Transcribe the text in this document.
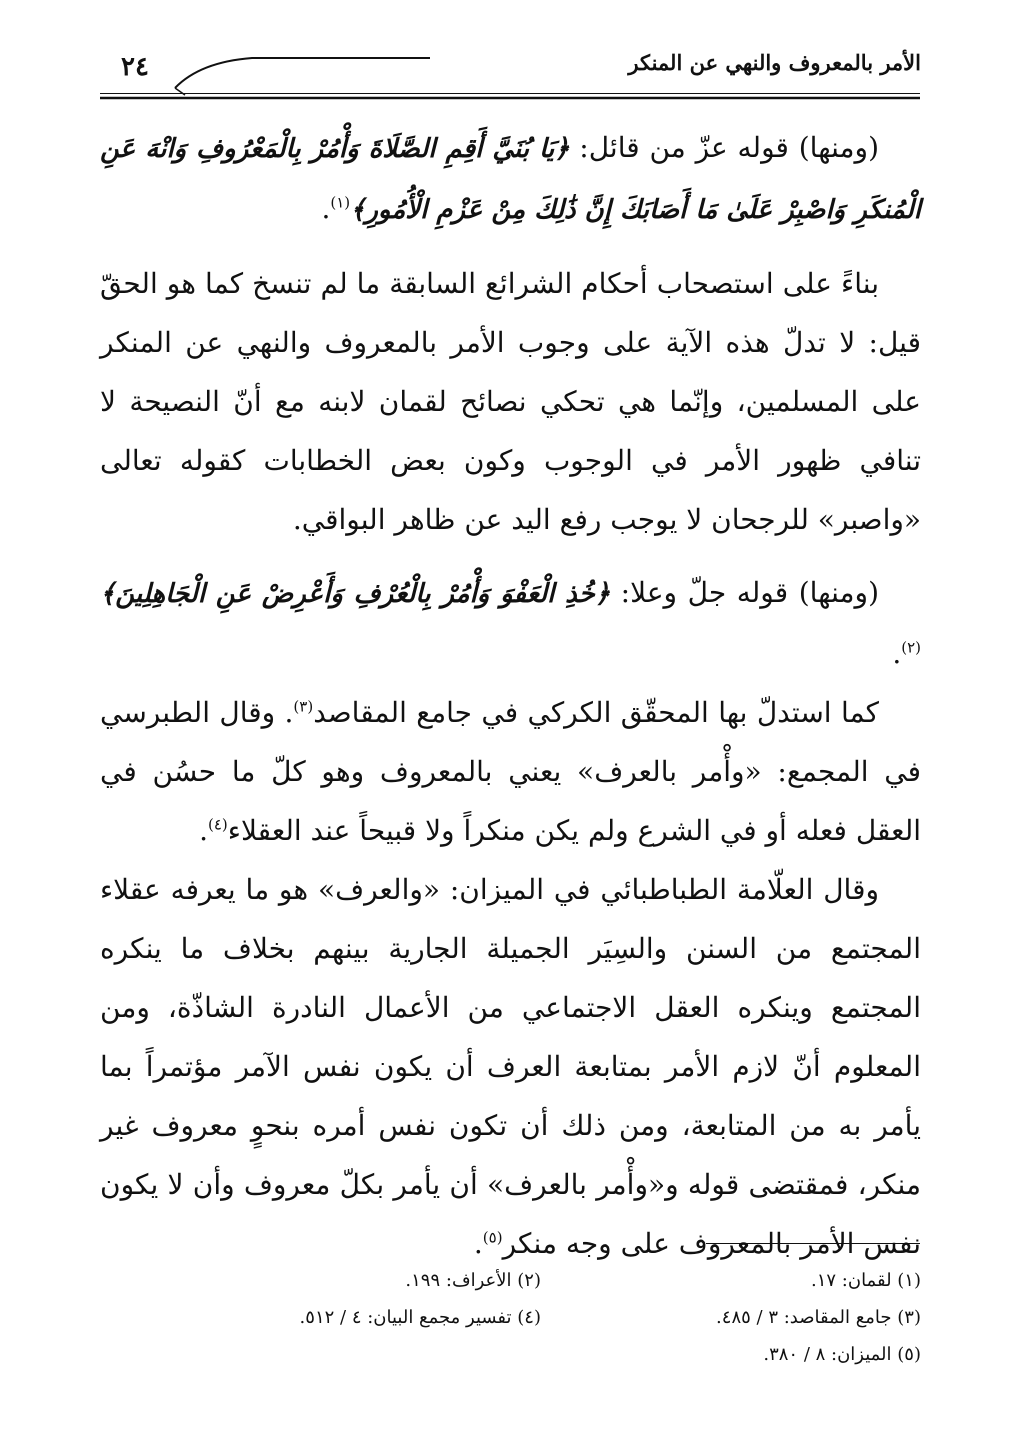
الأمر بالمعروف والنهي عن المنكر
٢٤

(ومنها) قوله عزّ من قائل: ﴿يَا بُنَيَّ أَقِمِ الصَّلَاةَ وَأْمُرْ بِالْمَعْرُوفِ وَانْهَ عَنِ الْمُنكَرِ وَاصْبِرْ عَلَىٰ مَا أَصَابَكَ إِنَّ ذَٰلِكَ مِنْ عَزْمِ الْأُمُورِ﴾$^{(١)}$.

بناءً على استصحاب أحكام الشرائع السابقة ما لم تنسخ كما هو الحقّ قيل: لا تدلّ هذه الآية على وجوب الأمر بالمعروف والنهي عن المنكر على المسلمين، وإنّما هي تحكي نصائح لقمان لابنه مع أنّ النصيحة لا تنافي ظهور الأمر في الوجوب وكون بعض الخطابات كقوله تعالى «واصبر» للرجحان لا يوجب رفع اليد عن ظاهر البواقي.

(ومنها) قوله جلّ وعلا: ﴿خُذِ الْعَفْوَ وَأْمُرْ بِالْعُرْفِ وَأَعْرِضْ عَنِ الْجَاهِلِينَ﴾$^{(٢)}$.

كما استدلّ بها المحقّق الكركي في جامع المقاصد$^{(٣)}$. وقال الطبرسي في المجمع: «وأْمر بالعرف» يعني بالمعروف وهو كلّ ما حسُن في العقل فعله أو في الشرع ولم يكن منكراً ولا قبيحاً عند العقلاء$^{(٤)}$.

وقال العلّامة الطباطبائي في الميزان: «والعرف» هو ما يعرفه عقلاء المجتمع من السنن والسِيَر الجميلة الجارية بينهم بخلاف ما ينكره المجتمع وينكره العقل الاجتماعي من الأعمال النادرة الشاذّة، ومن المعلوم أنّ لازم الأمر بمتابعة العرف أن يكون نفس الآمر مؤتمراً بما يأمر به من المتابعة، ومن ذلك أن تكون نفس أمره بنحوٍ معروف غير منكر، فمقتضى قوله و«وأْمر بالعرف» أن يأمر بكلّ معروف وأن لا يكون نفس الأمر بالمعروف على وجه منكر$^{(٥)}$.

(١) لقمان: ١٧.
(٢) الأعراف: ١٩٩.
(٣) جامع المقاصد: ٣ / ٤٨٥.
(٤) تفسير مجمع البيان: ٤ / ٥١٢.
(٥) الميزان: ٨ / ٣٨٠.
